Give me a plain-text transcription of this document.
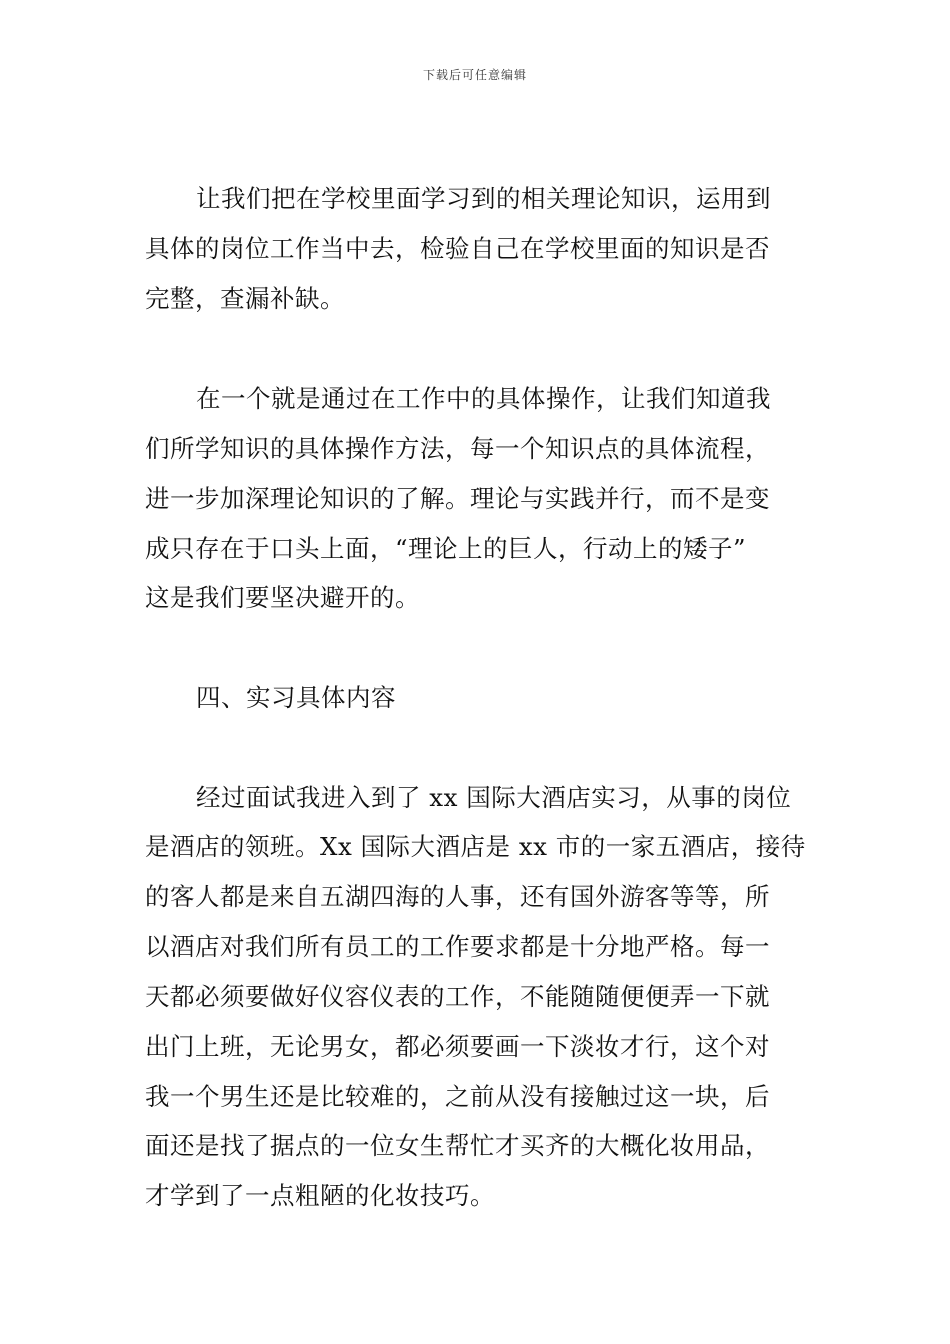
下载后可任意编辑
让我们把在学校里面学习到的相关理论知识，运用到
具体的岗位工作当中去，检验自己在学校里面的知识是否
完整，查漏补缺。
在一个就是通过在工作中的具体操作，让我们知道我
们所学知识的具体操作方法，每一个知识点的具体流程，
进一步加深理论知识的了解。理论与实践并行，而不是变
成只存在于口头上面，“理论上的巨人，行动上的矮子”
这是我们要坚决避开的。
四、实习具体内容
经过面试我进入到了 xx 国际大酒店实习，从事的岗位
是酒店的领班。Xx 国际大酒店是 xx 市的一家五酒店，接待
的客人都是来自五湖四海的人事，还有国外游客等等，所
以酒店对我们所有员工的工作要求都是十分地严格。每一
天都必须要做好仪容仪表的工作，不能随随便便弄一下就
出门上班，无论男女，都必须要画一下淡妆才行，这个对
我一个男生还是比较难的，之前从没有接触过这一块，后
面还是找了据点的一位女生帮忙才买齐的大概化妆用品，
才学到了一点粗陋的化妆技巧。
